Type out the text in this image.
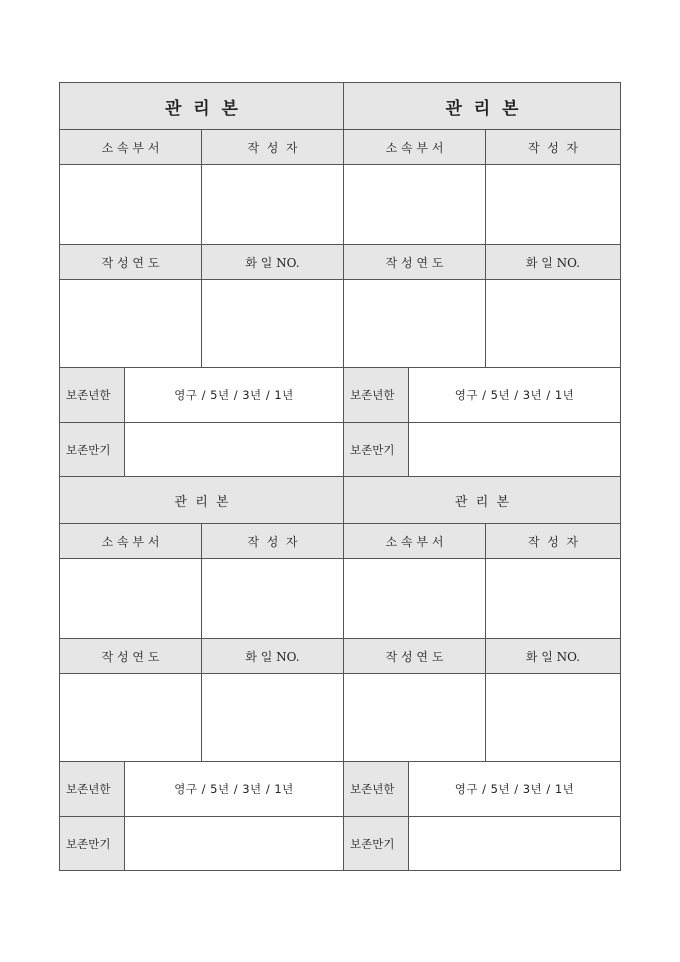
관  리  본
소 속 부 서	작  성  자
작 성 연 도	화 일 NO.
보존년한	영구 / 5년 / 3년 / 1년
보존만기
관  리  본
소 속 부 서	작  성  자
작 성 연 도	화 일 NO.
보존년한	영구 / 5년 / 3년 / 1년
보존만기
관  리  본
소 속 부 서	작  성  자
작 성 연 도	화 일 NO.
보존년한	영구 / 5년 / 3년 / 1년
보존만기
관  리  본
소 속 부 서	작  성  자
작 성 연 도	화 일 NO.
보존년한	영구 / 5년 / 3년 / 1년
보존만기
